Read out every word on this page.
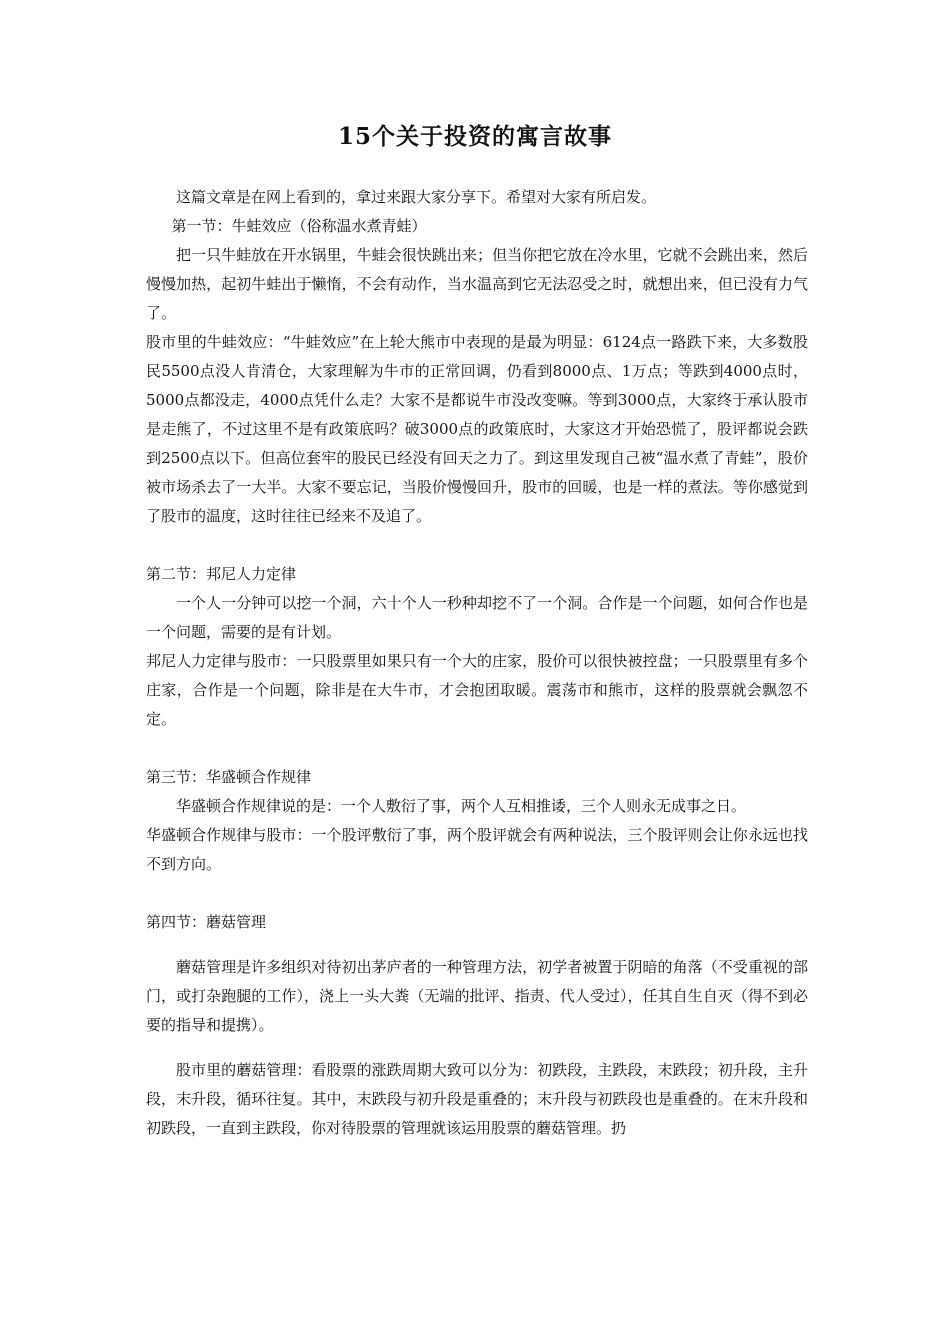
15个关于投资的寓言故事

这篇文章是在网上看到的，拿过来跟大家分享下。希望对大家有所启发。

第一节：牛蛙效应（俗称温水煮青蛙）

把一只牛蛙放在开水锅里，牛蛙会很快跳出来；但当你把它放在冷水里，它就不会跳出来，然后慢慢加热，起初牛蛙出于懒惰，不会有动作，当水温高到它无法忍受之时，就想出来，但已没有力气了。

股市里的牛蛙效应：“牛蛙效应”在上轮大熊市中表现的是最为明显：6124点一路跌下来，大多数股民5500点没人肯清仓，大家理解为牛市的正常回调，仍看到8000点、1万点；等跌到4000点时，5000点都没走，4000点凭什么走？大家不是都说牛市没改变嘛。等到3000点，大家终于承认股市是走熊了，不过这里不是有政策底吗？破3000点的政策底时，大家这才开始恐慌了，股评都说会跌到2500点以下。但高位套牢的股民已经没有回天之力了。到这里发现自己被“温水煮了青蛙”，股价被市场杀去了一大半。大家不要忘记，当股价慢慢回升，股市的回暖，也是一样的煮法。等你感觉到了股市的温度，这时往往已经来不及追了。

第二节：邦尼人力定律

一个人一分钟可以挖一个洞，六十个人一秒种却挖不了一个洞。合作是一个问题，如何合作也是一个问题，需要的是有计划。

邦尼人力定律与股市：一只股票里如果只有一个大的庄家，股价可以很快被控盘；一只股票里有多个庄家，合作是一个问题，除非是在大牛市，才会抱团取暖。震荡市和熊市，这样的股票就会飘忽不定。

第三节：华盛顿合作规律

华盛顿合作规律说的是：一个人敷衍了事，两个人互相推诿，三个人则永无成事之日。

华盛顿合作规律与股市：一个股评敷衍了事，两个股评就会有两种说法，三个股评则会让你永远也找不到方向。

第四节：蘑菇管理

蘑菇管理是许多组织对待初出茅庐者的一种管理方法，初学者被置于阴暗的角落（不受重视的部门，或打杂跑腿的工作），浇上一头大粪（无端的批评、指责、代人受过），任其自生自灭（得不到必要的指导和提携）。

股市里的蘑菇管理：看股票的涨跌周期大致可以分为：初跌段，主跌段，末跌段；初升段，主升段，末升段，循环往复。其中，末跌段与初升段是重叠的；末升段与初跌段也是重叠的。在末升段和初跌段，一直到主跌段，你对待股票的管理就该运用股票的蘑菇管理。扔
